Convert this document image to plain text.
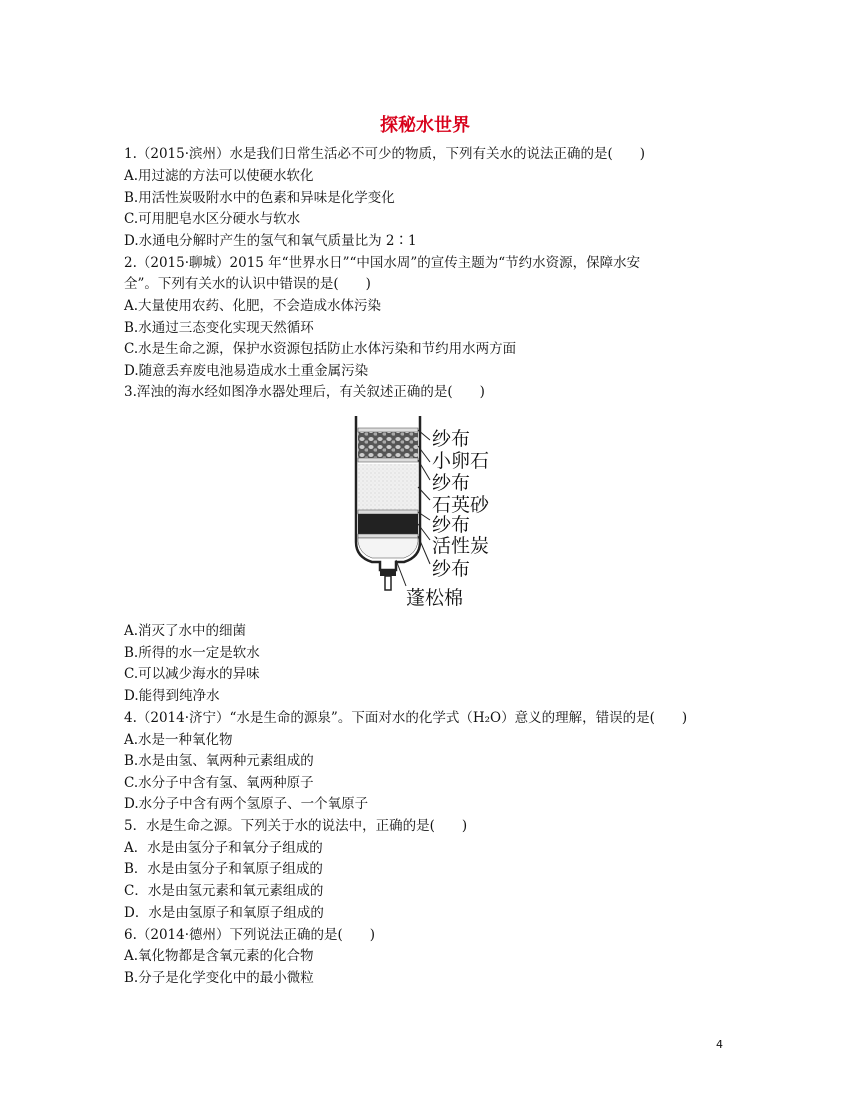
探秘水世界
1.（2015·滨州）水是我们日常生活必不可少的物质，下列有关水的说法正确的是(　　)
A.用过滤的方法可以使硬水软化
B.用活性炭吸附水中的色素和异味是化学变化
C.可用肥皂水区分硬水与软水
D.水通电分解时产生的氢气和氧气质量比为 2∶1
2.（2015·聊城）2015 年“世界水日”“中国水周”的宣传主题为“节约水资源，保障水安
全”。下列有关水的认识中错误的是(　　)
A.大量使用农药、化肥，不会造成水体污染
B.水通过三态变化实现天然循环
C.水是生命之源，保护水资源包括防止水体污染和节约用水两方面
D.随意丢弃废电池易造成水土重金属污染
3.浑浊的海水经如图净水器处理后，有关叙述正确的是(　　)
纱布
小卵石
纱布
石英砂
纱布
活性炭
纱布
蓬松棉
A.消灭了水中的细菌
B.所得的水一定是软水
C.可以减少海水的异味
D.能得到纯净水
4.（2014·济宁）“水是生命的源泉”。下面对水的化学式（H₂O）意义的理解，错误的是(　　)
A.水是一种氧化物
B.水是由氢、氧两种元素组成的
C.水分子中含有氢、氧两种原子
D.水分子中含有两个氢原子、一个氧原子
5．水是生命之源。下列关于水的说法中，正确的是(　　)
A．水是由氢分子和氧分子组成的
B．水是由氢分子和氧原子组成的
C．水是由氢元素和氧元素组成的
D．水是由氢原子和氧原子组成的
6.（2014·德州）下列说法正确的是(　　)
A.氧化物都是含氧元素的化合物
B.分子是化学变化中的最小微粒
4
